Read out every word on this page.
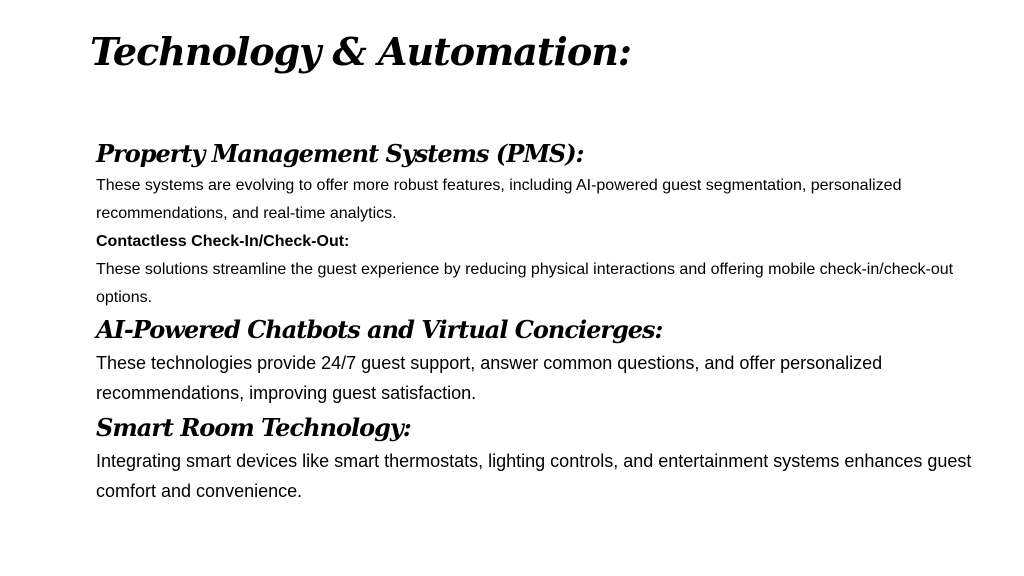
Technology & Automation:
Property Management Systems (PMS):

These systems are evolving to offer more robust features, including AI-powered guest segmentation, personalized recommendations, and real-time analytics.

Contactless Check-In/Check-Out:

These solutions streamline the guest experience by reducing physical interactions and offering mobile check-in/check-out options.

AI-Powered Chatbots and Virtual Concierges:

These technologies provide 24/7 guest support, answer common questions, and offer personalized recommendations, improving guest satisfaction.

Smart Room Technology:

Integrating smart devices like smart thermostats, lighting controls, and entertainment systems enhances guest comfort and convenience.
